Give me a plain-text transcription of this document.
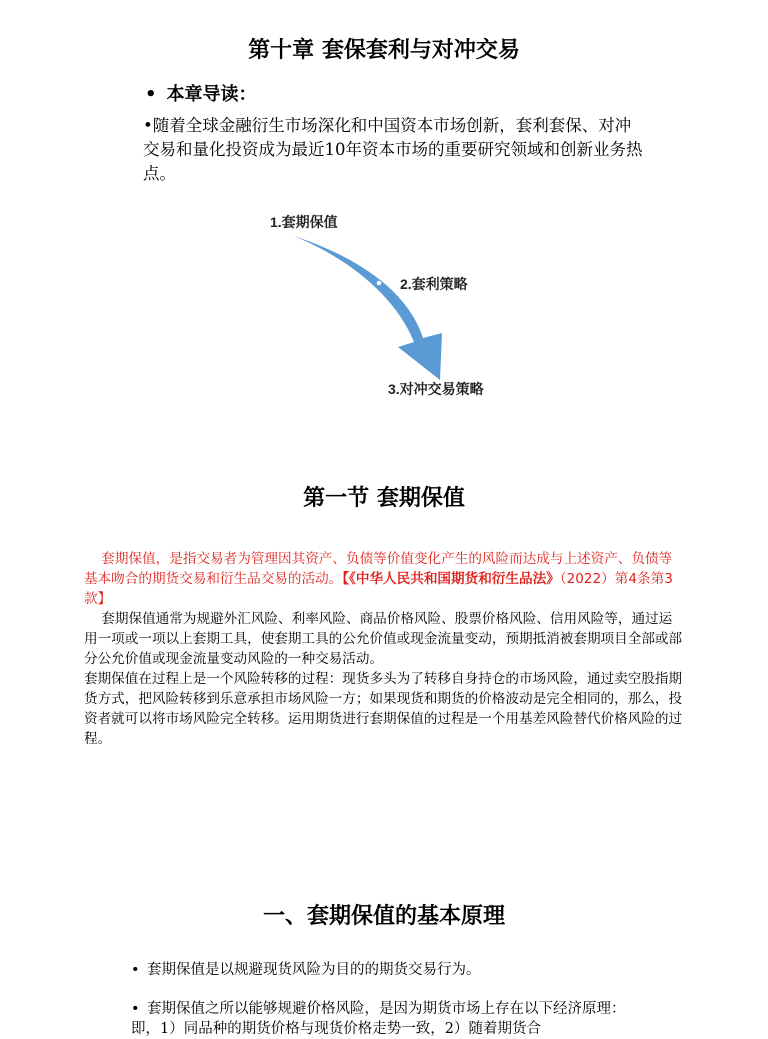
第十章 套保套利与对冲交易
• 本章导读：
•随着全球金融衍生市场深化和中国资本市场创新，套利套保、对冲交易和量化投资成为最近10年资本市场的重要研究领域和创新业务热点。
1.套期保值
2.套利策略
3.对冲交易策略
第一节 套期保值
套期保值，是指交易者为管理因其资产、负债等价值变化产生的风险而达成与上述资产、负债等基本吻合的期货交易和衍生品交易的活动。【《中华人民共和国期货和衍生品法》（2022）第4条第3款】

套期保值通常为规避外汇风险、利率风险、商品价格风险、股票价格风险、信用风险等，通过运用一项或一项以上套期工具，使套期工具的公允价值或现金流量变动，预期抵消被套期项目全部或部分公允价值或现金流量变动风险的一种交易活动。

套期保值在过程上是一个风险转移的过程：现货多头为了转移自身持仓的市场风险，通过卖空股指期货方式，把风险转移到乐意承担市场风险一方；如果现货和期货的价格波动是完全相同的，那么，投资者就可以将市场风险完全转移。运用期货进行套期保值的过程是一个用基差风险替代价格风险的过程。

一、套期保值的基本原理
• 套期保值是以规避现货风险为目的的期货交易行为。
• 套期保值之所以能够规避价格风险，是因为期货市场上存在以下经济原理：即，1）同品种的期货价格与现货价格走势一致，2）随着期货合
